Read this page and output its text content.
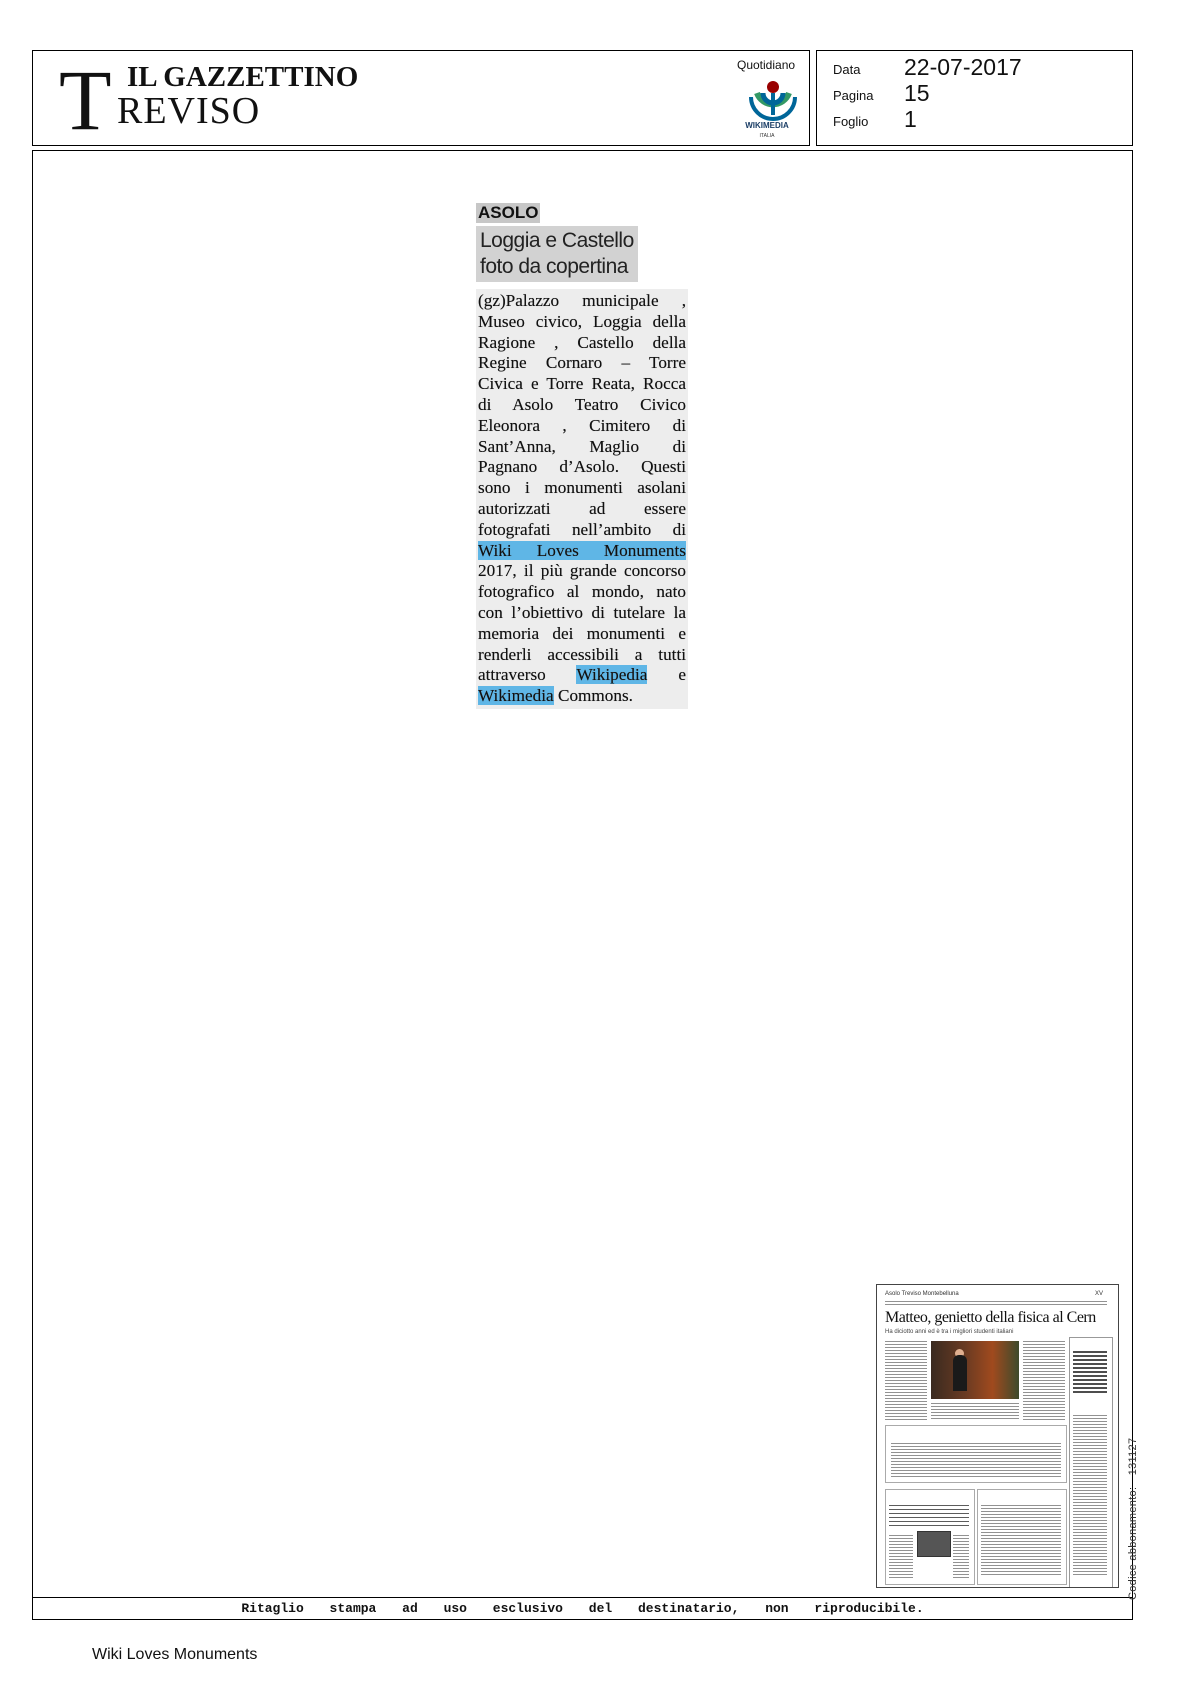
T IL GAZZETTINO
REVISO
Quotidiano
WIKIMEDIA
ITALIA
Data 22-07-2017
Pagina 15
Foglio 1
Ritaglio stampa ad uso esclusivo del destinatario, non riproducibile.
ASOLO
Loggia e Castello
foto da copertina
(gz)Palazzo municipale , Museo civico, Loggia della Ragione , Castello della Regine Cornaro – Torre Civica e Torre Reata, Rocca di Asolo Teatro Civico Eleonora , Cimitero di Sant’Anna, Maglio di Pagnano d’Asolo. Questi sono i monumenti asolani autorizzati ad essere fotografati nell’ambito di Wiki Loves Monuments 2017, il più grande concorso fotografico al mondo, nato con l’obiettivo di tutelare la memoria dei monumenti e renderli accessibili a tutti attraverso Wikipedia e Wikimedia Commons.
Asolo Treviso Montebelluna	XV
Matteo, genietto della fisica al Cern
Ha diciotto anni ed è tra i migliori studenti italiani
Codice abbonamento: 131127
Wiki Loves Monuments
